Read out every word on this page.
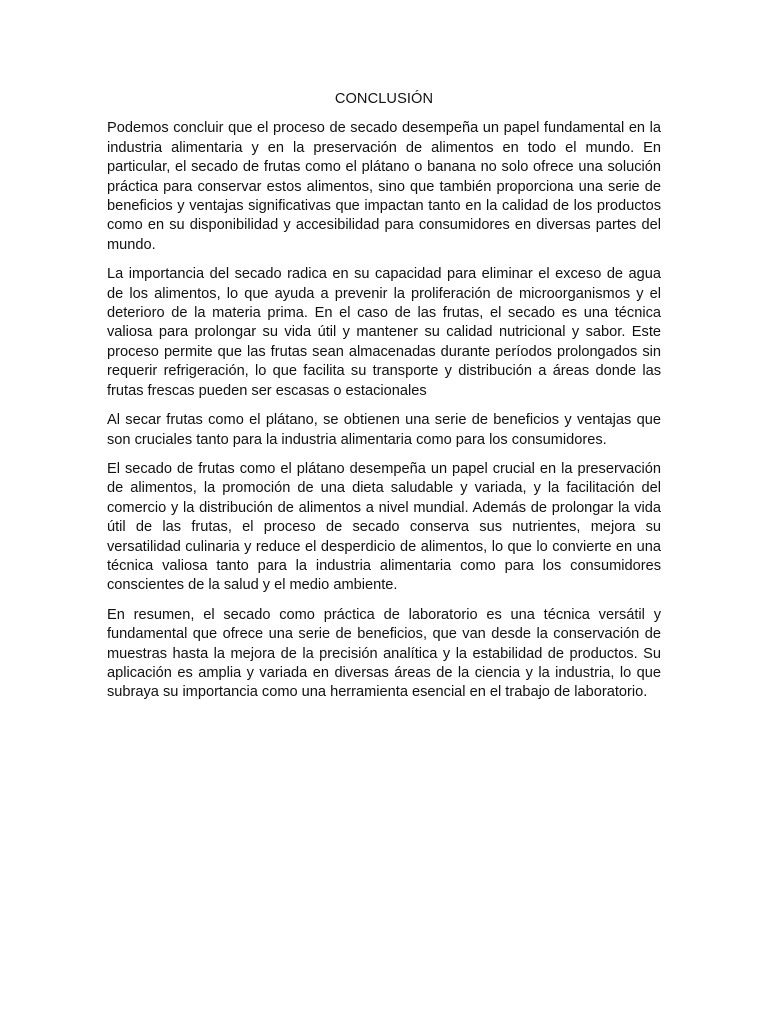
CONCLUSIÓN

Podemos concluir que el proceso de secado desempeña un papel fundamental en la industria alimentaria y en la preservación de alimentos en todo el mundo. En particular, el secado de frutas como el plátano o banana no solo ofrece una solución práctica para conservar estos alimentos, sino que también proporciona una serie de beneficios y ventajas significativas que impactan tanto en la calidad de los productos como en su disponibilidad y accesibilidad para consumidores en diversas partes del mundo.

La importancia del secado radica en su capacidad para eliminar el exceso de agua de los alimentos, lo que ayuda a prevenir la proliferación de microorganismos y el deterioro de la materia prima. En el caso de las frutas, el secado es una técnica valiosa para prolongar su vida útil y mantener su calidad nutricional y sabor. Este proceso permite que las frutas sean almacenadas durante períodos prolongados sin requerir refrigeración, lo que facilita su transporte y distribución a áreas donde las frutas frescas pueden ser escasas o estacionales

Al secar frutas como el plátano, se obtienen una serie de beneficios y ventajas que son cruciales tanto para la industria alimentaria como para los consumidores.

El secado de frutas como el plátano desempeña un papel crucial en la preservación de alimentos, la promoción de una dieta saludable y variada, y la facilitación del comercio y la distribución de alimentos a nivel mundial. Además de prolongar la vida útil de las frutas, el proceso de secado conserva sus nutrientes, mejora su versatilidad culinaria y reduce el desperdicio de alimentos, lo que lo convierte en una técnica valiosa tanto para la industria alimentaria como para los consumidores conscientes de la salud y el medio ambiente.

En resumen, el secado como práctica de laboratorio es una técnica versátil y fundamental que ofrece una serie de beneficios, que van desde la conservación de muestras hasta la mejora de la precisión analítica y la estabilidad de productos. Su aplicación es amplia y variada en diversas áreas de la ciencia y la industria, lo que subraya su importancia como una herramienta esencial en el trabajo de laboratorio.
